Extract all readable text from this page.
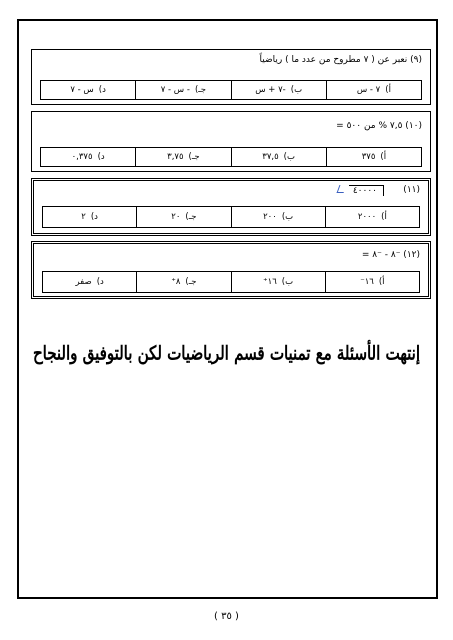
(٩) نعبر عن ( ٧ مطروح من عدد ما ) رياضياً
أ)
٧ - س
ب)
-٧ + س
جـ)
- س - ٧
د)
س - ٧
(١٠) ٧,٥ % من ٥٠٠ =
أ)
٣٧٥
ب)
٣٧,٥
جـ)
٣,٧٥
د)
٠,٣٧٥
(١١)
٤٠٠٠٠
أ)
٢٠٠٠
ب)
٢٠٠
جـ)
٢٠
د)
٢
(١٢) ⁻٨ - ⁻٨ =
أ)
١٦⁻
ب)
١٦⁺
جـ)
٨⁺
د)
صفر
إنتهت الأسئلة مع تمنيات قسم الرياضيات لكن بالتوفيق والنجاح
( ٣٥ )
